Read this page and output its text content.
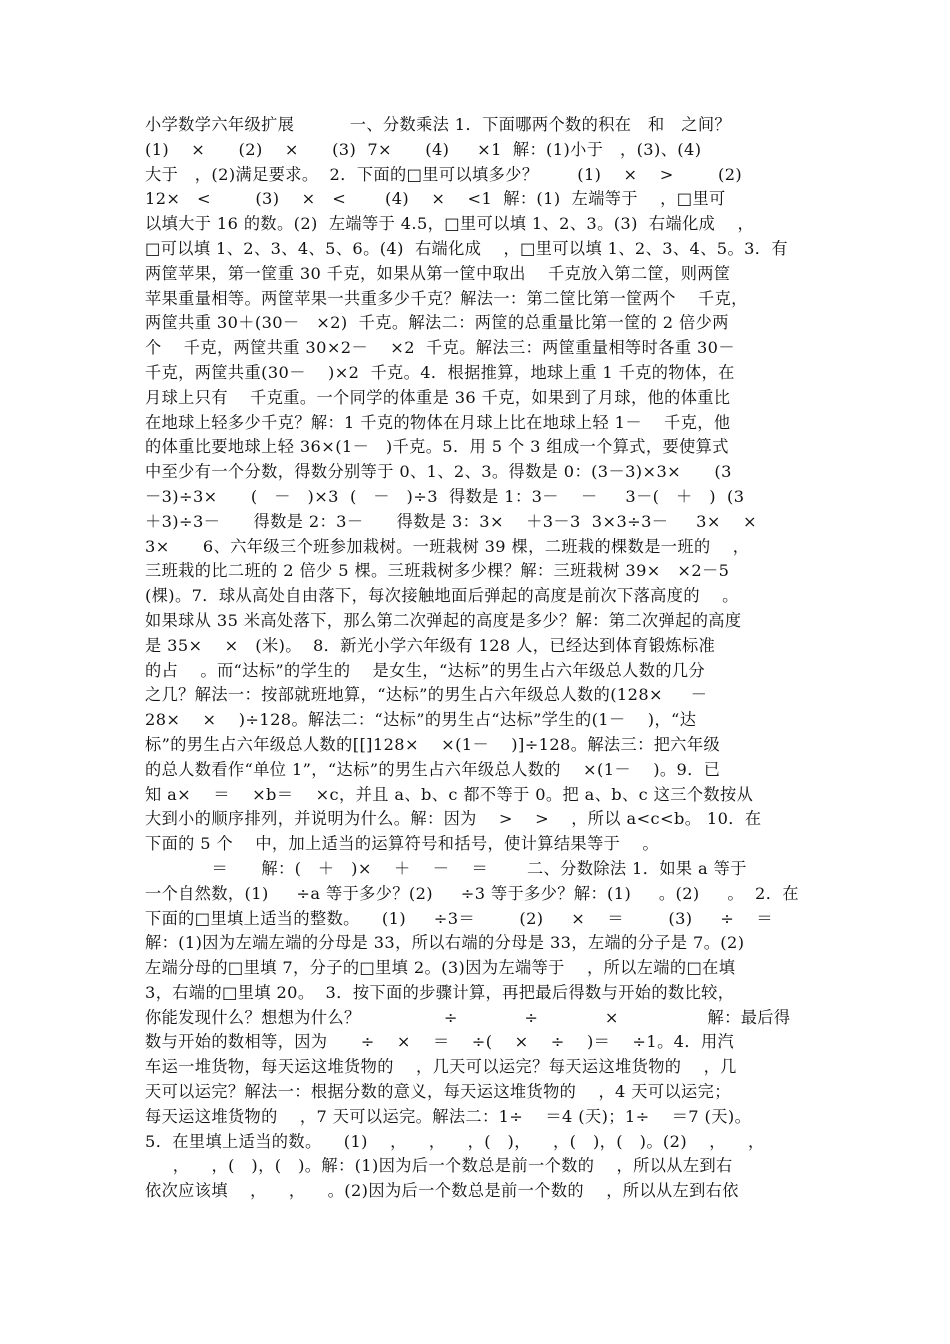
小学数学六年级扩展          一、分数乘法 1．下面哪两个数的积在   和   之间？
(1)    ×      (2)    ×      (3)  7×      (4)     ×1  解：(1)小于   ，(3)、(4)
大于   ，(2)满足要求。  2．下面的□里可以填多少？       (1)    ×    >        (2)
12×   <        (3)    ×   <       (4)    ×    <1  解：(1)  左端等于    ，□里可
以填大于 16 的数。(2)  左端等于 4.5，□里可以填 1、2、3。(3)  右端化成    ，
□可以填 1、2、3、4、5、6。(4)  右端化成    ，□里可以填 1、2、3、4、5。3．有
两筐苹果，第一筐重 30 千克，如果从第一筐中取出    千克放入第二筐，则两筐
苹果重量相等。两筐苹果一共重多少千克？解法一：第二筐比第一筐两个    千克，
两筐共重 30＋(30－   ×2)  千克。解法二：两筐的总重量比第一筐的 2 倍少两
个    千克，两筐共重 30×2－    ×2  千克。解法三：两筐重量相等时各重 30－
千克，两筐共重(30－    )×2  千克。4．根据推算，地球上重 1 千克的物体，在
月球上只有    千克重。一个同学的体重是 36 千克，如果到了月球，他的体重比
在地球上轻多少千克？解：1 千克的物体在月球上比在地球上轻 1－    千克，他
的体重比要地球上轻 36×(1－   )千克。5．用 5 个 3 组成一个算式，要使算式
中至少有一个分数，得数分别等于 0、1、2、3。得数是 0：(3－3)×3×      (3
－3)÷3×      (   －   )×3  (   －   )÷3  得数是 1：3－    －     3－(   ＋   )  (3
＋3)÷3－      得数是 2：3－      得数是 3：3×    ＋3－3  3×3÷3－     3×    ×
3×      6、六年级三个班参加栽树。一班栽树 39 棵，二班栽的棵数是一班的    ，
三班栽的比二班的 2 倍少 5 棵。三班栽树多少棵？解：三班栽树 39×   ×2－5
(棵)。7．球从高处自由落下，每次接触地面后弹起的高度是前次下落高度的    。
如果球从 35 米高处落下，那么第二次弹起的高度是多少？解：第二次弹起的高度
是 35×    ×   (米)。  8．新光小学六年级有 128 人，已经达到体育锻炼标准
的占    。而“达标”的学生的    是女生，“达标”的男生占六年级总人数的几分
之几？解法一：按部就班地算，“达标”的男生占六年级总人数的(128×     －
28×    ×    )÷128。解法二：“达标”的男生占“达标”学生的(1－    )，“达
标”的男生占六年级总人数的[[]128×    ×(1－    )]÷128。解法三：把六年级
的总人数看作“单位 1”，“达标”的男生占六年级总人数的    ×(1－    )。9．已
知 a×    ＝    ×b＝    ×c，并且 a、b、c 都不等于 0。把 a、b、c 这三个数按从
大到小的顺序排列，并说明为什么。解：因为    >    >    ，所以 a<c<b。 10．在
下面的 5 个    中，加上适当的运算符号和括号，使计算结果等于    。
＝      解：(   ＋   )×    ＋    －    ＝       二、分数除法 1．如果 a 等于
一个自然数，(1)     ÷a 等于多少？(2)     ÷3 等于多少？解：(1)     。(2)     。  2．在
下面的□里填上适当的整数。    (1)     ÷3＝        (2)     ×    ＝        (3)     ÷    ＝
解：(1)因为左端左端的分母是 33，所以右端的分母是 33，左端的分子是 7。(2)
左端分母的□里填 7，分子的□里填 2。(3)因为左端等于    ，所以左端的□在填
3，右端的□里填 20。  3．按下面的步骤计算，再把最后得数与开始的数比较，
你能发现什么？想想为什么？               ÷            ÷            ×                解：最后得
数与开始的数相等，因为      ÷    ×    ＝    ÷(    ×    ÷    )＝    ÷1。4．用汽
车运一堆货物，每天运这堆货物的    ，几天可以运完？每天运这堆货物的    ，几
天可以运完？解法一：根据分数的意义，每天运这堆货物的    ，4 天可以运完；
每天运这堆货物的    ，7 天可以运完。解法二：1÷    ＝4 (天)；1÷    ＝7 (天)。
5．在里填上适当的数。    (1)    ，    ，    ，(   )，    ，(   )，(   )。(2)    ，    ，
，    ，(   )，(   )。解：(1)因为后一个数总是前一个数的    ，所以从左到右
依次应该填    ，    ，    。(2)因为后一个数总是前一个数的    ，所以从左到右依
